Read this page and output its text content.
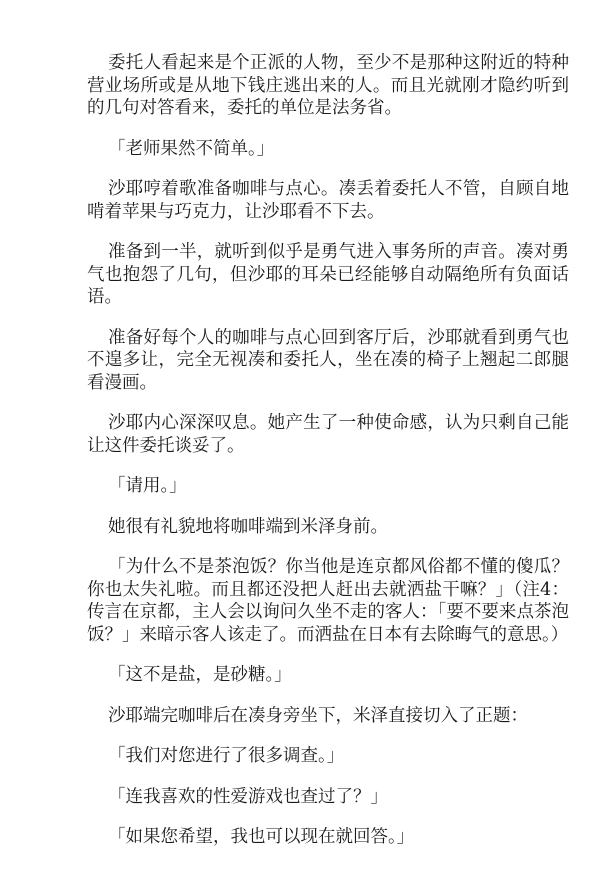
委托人看起来是个正派的人物，至少不是那种这附近的特种营业场所或是从地下钱庄逃出来的人。而且光就刚才隐约听到的几句对答看来，委托的单位是法务省。

「老师果然不简单。」

沙耶哼着歌准备咖啡与点心。凑丢着委托人不管，自顾自地啃着苹果与巧克力，让沙耶看不下去。

准备到一半，就听到似乎是勇气进入事务所的声音。凑对勇气也抱怨了几句，但沙耶的耳朵已经能够自动隔绝所有负面话语。

准备好每个人的咖啡与点心回到客厅后，沙耶就看到勇气也不遑多让，完全无视凑和委托人，坐在凑的椅子上翘起二郎腿看漫画。

沙耶内心深深叹息。她产生了一种使命感，认为只剩自己能让这件委托谈妥了。

「请用。」

她很有礼貌地将咖啡端到米泽身前。

「为什么不是茶泡饭？你当他是连京都风俗都不懂的傻瓜？你也太失礼啦。而且都还没把人赶出去就洒盐干嘛？」（注4：传言在京都，主人会以询问久坐不走的客人：「要不要来点茶泡饭？」来暗示客人该走了。而洒盐在日本有去除晦气的意思。）

「这不是盐，是砂糖。」

沙耶端完咖啡后在凑身旁坐下，米泽直接切入了正题：

「我们对您进行了很多调查。」

「连我喜欢的性爱游戏也查过了？」

「如果您希望，我也可以现在就回答。」
